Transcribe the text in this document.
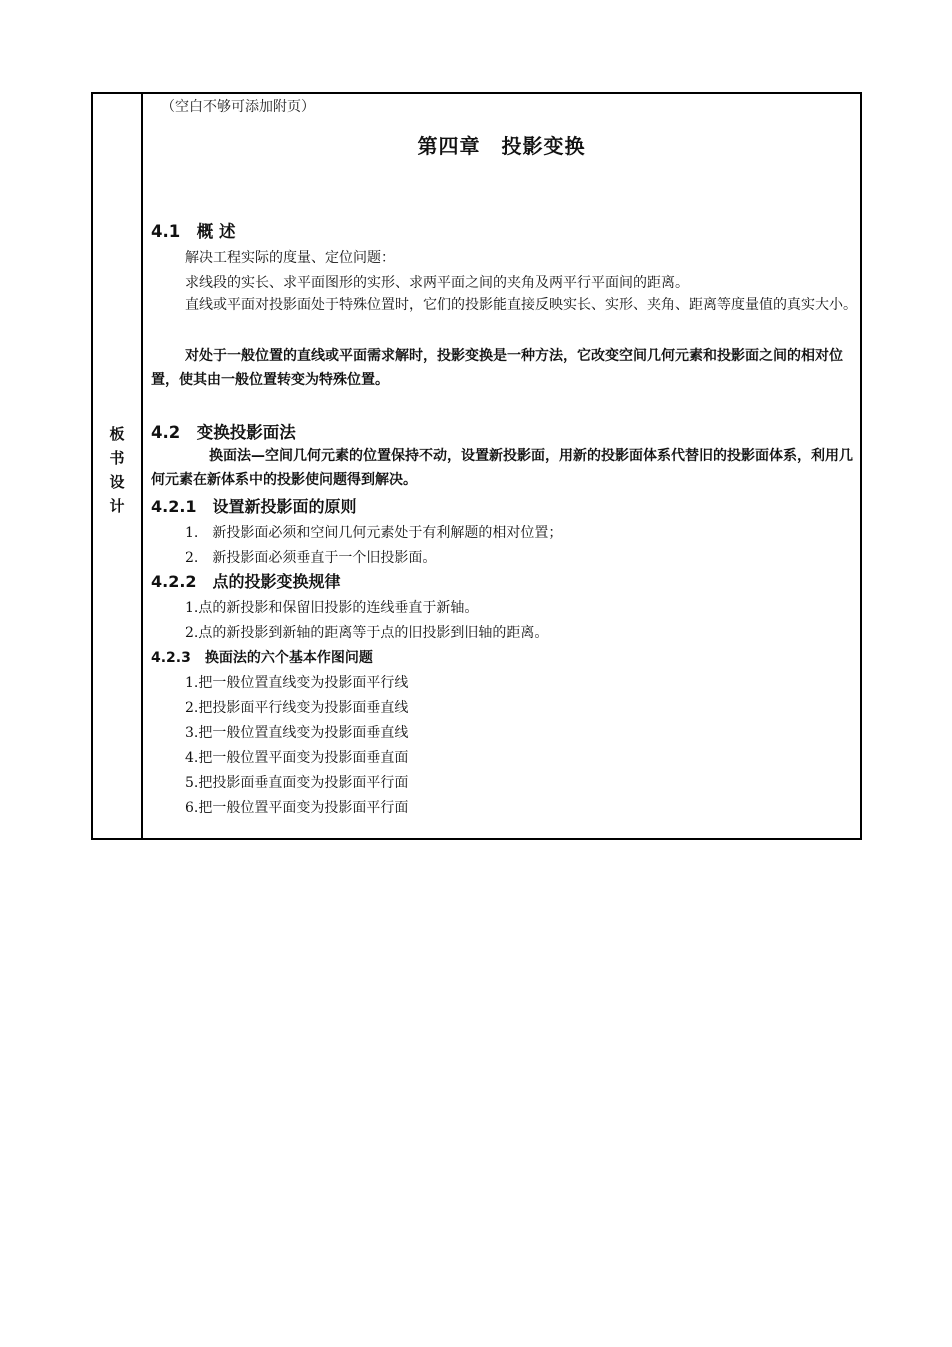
板
书
设
计
（空白不够可添加附页）
第四章　投影变换
4.1　概 述
解决工程实际的度量、定位问题：
求线段的实长、求平面图形的实形、求两平面之间的夹角及两平行平面间的距离。
直线或平面对投影面处于特殊位置时，它们的投影能直接反映实长、实形、夹角、距离等度量值的真实大小。
对处于一般位置的直线或平面需求解时，投影变换是一种方法，它改变空间几何元素和投影面之间的相对位置，使其由一般位置转变为特殊位置。
4.2　变换投影面法
换面法—空间几何元素的位置保持不动，设置新投影面，用新的投影面体系代替旧的投影面体系，利用几何元素在新体系中的投影使问题得到解决。
4.2.1　设置新投影面的原则
1.　新投影面必须和空间几何元素处于有利解题的相对位置；
2.　新投影面必须垂直于一个旧投影面。
4.2.2　点的投影变换规律
1.点的新投影和保留旧投影的连线垂直于新轴。
2.点的新投影到新轴的距离等于点的旧投影到旧轴的距离。
4.2.3　换面法的六个基本作图问题
1.把一般位置直线变为投影面平行线
2.把投影面平行线变为投影面垂直线
3.把一般位置直线变为投影面垂直线
4.把一般位置平面变为投影面垂直面
5.把投影面垂直面变为投影面平行面
6.把一般位置平面变为投影面平行面
